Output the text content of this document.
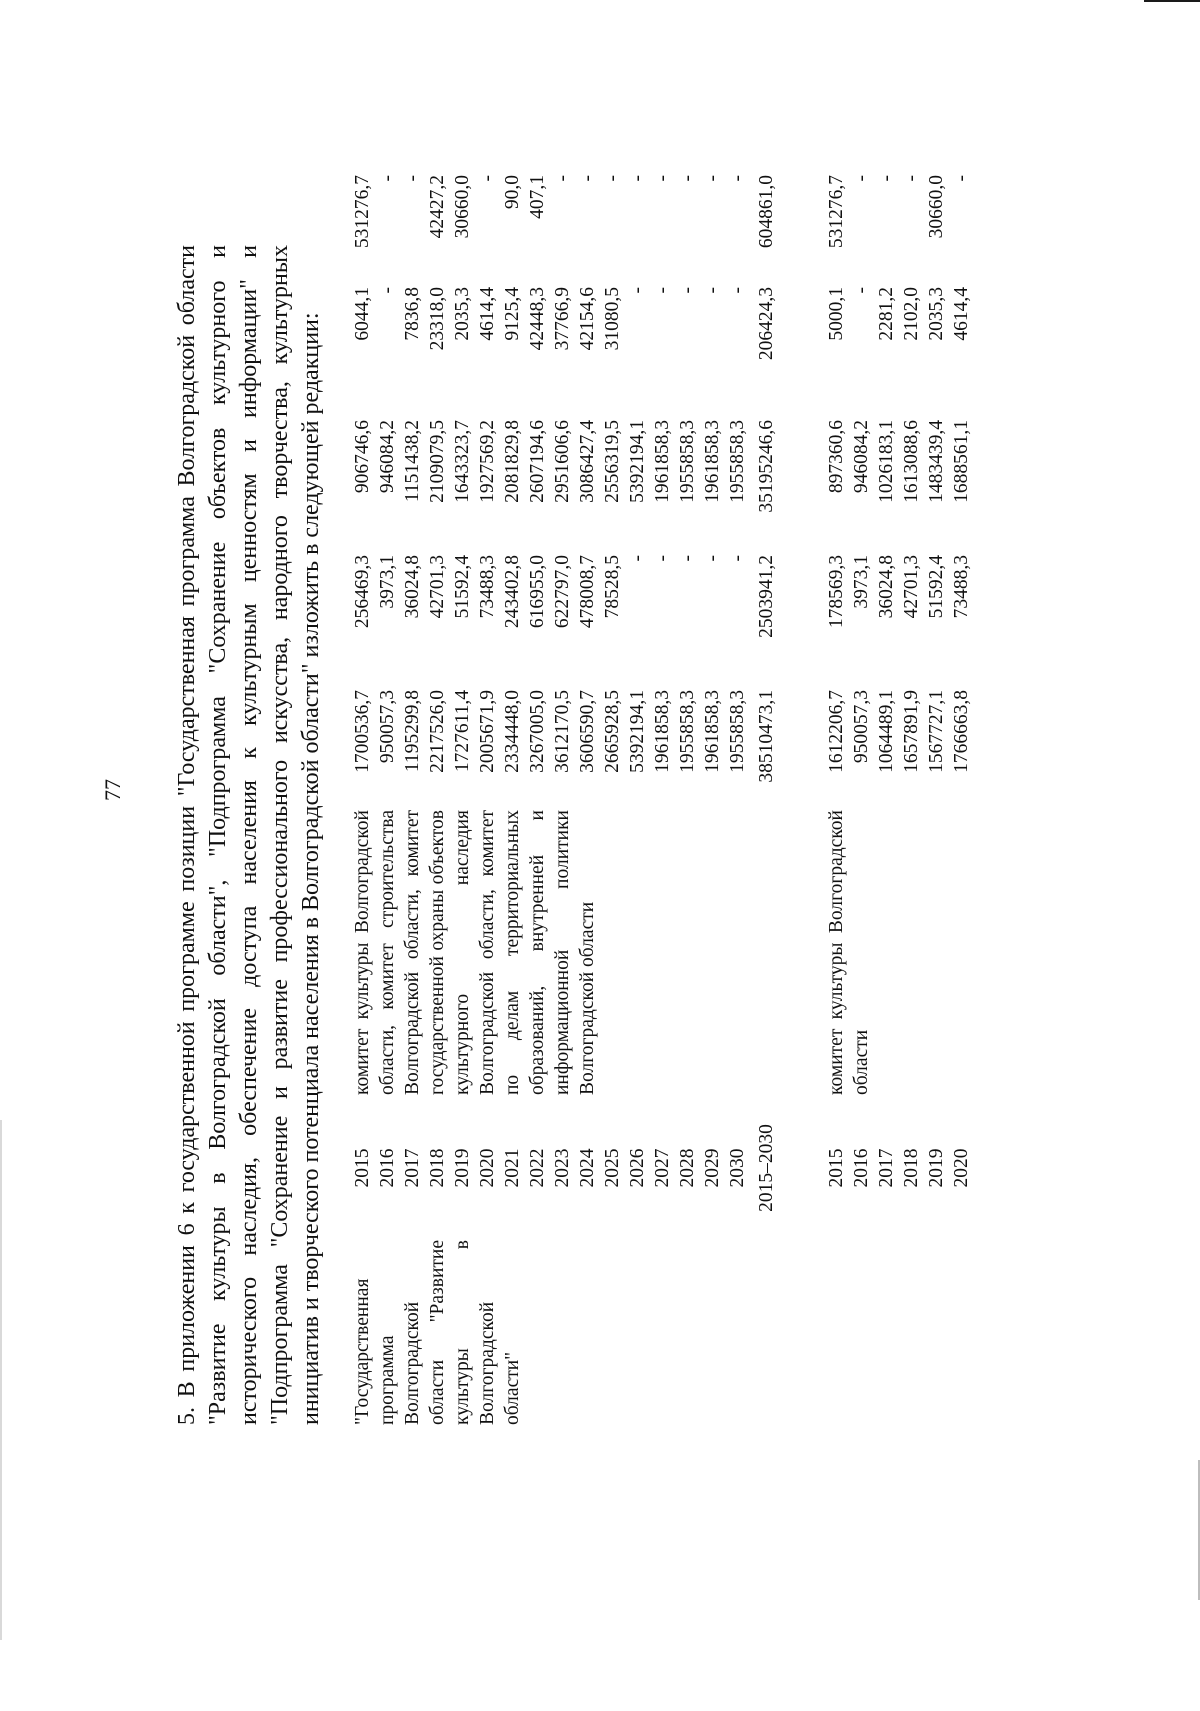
77 5. В приложении 6 к государственной программе позиции "Государственная программа Волгоградской области "Развитие культуры в Волгоградской области", "Подпрограмма "Сохранение объектов культурного и исторического наследия, обеспечение доступа населения к культурным ценностям и информации" и "Подпрограмма "Сохранение и развитие профессионального искусства, народного творчества, культурных инициатив и творческого потенциала населения в Волгоградской области" изложить в следующей редакции: "Государственная программа Волгоградской области "Развитие культуры в Волгоградской области"
2015 2016 2017 2018 2019 2020 2021 2022 2023 2024 2025 2026 2027 2028 2029 2030 2015–2030
комитет культуры Волгоградской области, комитет строительства Волгоградской области, комитет государственной охраны объектов культурного наследия Волгоградской области, комитет по делам территориальных образований, внутренней и информационной политики Волгоградской области
1700536,7 950057,3 1195299,8 2217526,0 1727611,4 2005671,9 2334448,0 3267005,0 3612170,5 3606590,7 2665928,5 5392194,1 1961858,3 1955858,3 1961858,3 1955858,3 38510473,1
256469,3 3973,1 36024,8 42701,3 51592,4 73488,3 243402,8 616955,0 622797,0 478008,7 78528,5 - - - - - 2503941,2
906746,6 946084,2 1151438,2 2109079,5 1643323,7 1927569,2 2081829,8 2607194,6 2951606,6 3086427,4 2556319,5 5392194,1 1961858,3 1955858,3 1961858,3 1955858,3 35195246,6
6044,1 - 7836,8 23318,0 2035,3 4614,4 9125,4 42448,3 37766,9 42154,6 31080,5 - - - - - 206424,3
531276,7 - - 42427,2 30660,0 - 90,0 407,1 - - - - - - - - 604861,0
2015 2016 2017 2018 2019 2020
комитет культуры Волгоградской области
1612206,7 950057,3 1064489,1 1657891,9 1567727,1 1766663,8
178569,3 3973,1 36024,8 42701,3 51592,4 73488,3
897360,6 946084,2 1026183,1 1613088,6 1483439,4 1688561,1
5000,1 - 2281,2 2102,0 2035,3 4614,4
531276,7 - - - 30660,0 -
